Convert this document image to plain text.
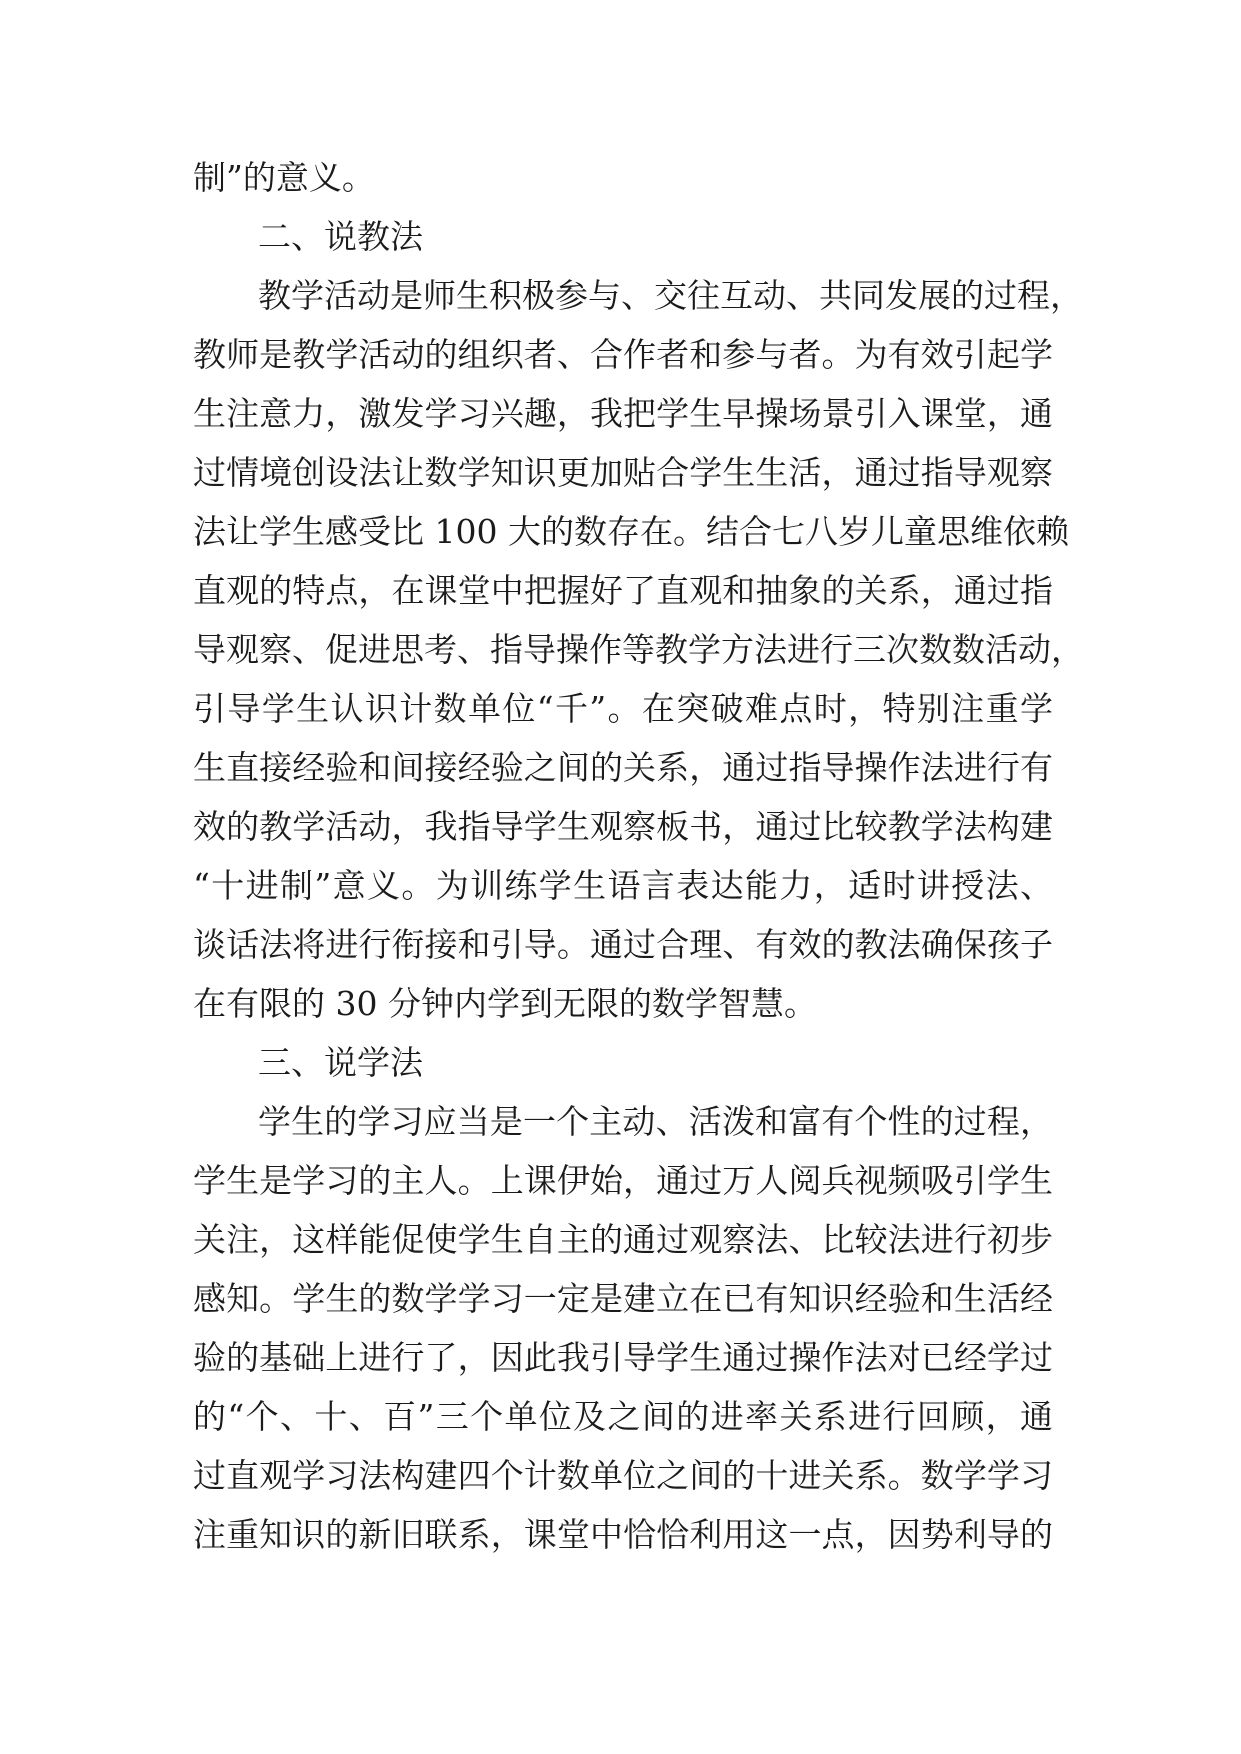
制”的意义。
二、说教法
教学活动是师生积极参与、交往互动、共同发展的过程，
教师是教学活动的组织者、合作者和参与者。为有效引起学
生注意力，激发学习兴趣，我把学生早操场景引入课堂，通
过情境创设法让数学知识更加贴合学生生活，通过指导观察
法让学生感受比 100 大的数存在。结合七八岁儿童思维依赖
直观的特点，在课堂中把握好了直观和抽象的关系，通过指
导观察、促进思考、指导操作等教学方法进行三次数数活动，
引导学生认识计数单位“千”。在突破难点时，特别注重学
生直接经验和间接经验之间的关系，通过指导操作法进行有
效的教学活动，我指导学生观察板书，通过比较教学法构建
“十进制”意义。为训练学生语言表达能力，适时讲授法、
谈话法将进行衔接和引导。通过合理、有效的教法确保孩子
在有限的 30 分钟内学到无限的数学智慧。
三、说学法
学生的学习应当是一个主动、活泼和富有个性的过程，
学生是学习的主人。上课伊始，通过万人阅兵视频吸引学生
关注，这样能促使学生自主的通过观察法、比较法进行初步
感知。学生的数学学习一定是建立在已有知识经验和生活经
验的基础上进行了，因此我引导学生通过操作法对已经学过
的“个、十、百”三个单位及之间的进率关系进行回顾，通
过直观学习法构建四个计数单位之间的十进关系。数学学习
注重知识的新旧联系，课堂中恰恰利用这一点，因势利导的
